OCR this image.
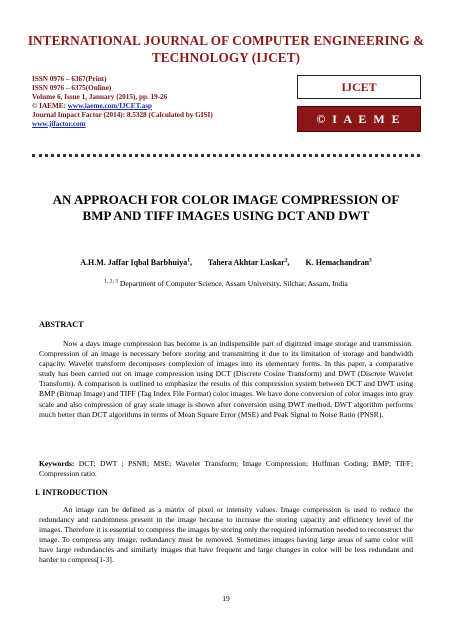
INTERNATIONAL JOURNAL OF COMPUTER ENGINEERING &
TECHNOLOGY (IJCET)
ISSN 0976 – 6367(Print)
ISSN 0976 – 6375(Online)
Volume 6, Issue 1, January (2015), pp. 19-26
© IAEME: www.iaeme.com/IJCET.asp
Journal Impact Factor (2014): 8.5328 (Calculated by GISI)
www.jifactor.com
IJCET
© I A E M E
AN APPROACH FOR COLOR IMAGE COMPRESSION OF
BMP AND TIFF IMAGES USING DCT AND DWT
A.H.M. Jaffar Iqbal Barbhuiya$^1$, Tahera Akhtar Laskar$^2$, K. Hemachandran$^3$
$^{1, 2, 3}$ Department of Computer Science, Assam University, Silchar, Assam, India
ABSTRACT
Now a days image compression has become is an indispensible part of digitized image storage and transmission. Compression of an image is necessary before storing and transmitting it due to its limitation of storage and bandwidth capacity. Wavelet transform decomposes complexion of images into its elementary forms. In this paper, a comparative study has been carried out on image compression using DCT (Discrete Cosine Transform) and DWT (Discrete Wavelet Transform). A comparison is outlined to emphasize the results of this compression system between DCT and DWT using BMP (Bitmap Image) and TIFF (Tag Index File Format) color images. We have done conversion of color images into gray scale and also compression of gray scale image is shown after conversion using DWT method. DWT algorithm performs much better than DCT algorithms in terms of Mean Square Error (MSE) and Peak Signal to Noise Ratio (PNSR).
Keywords: DCT; DWT ; PSNR; MSE; Wavelet Transform; Image Compression; Huffman Coding; BMP; TIFF; Compression ratio.
I. INTRODUCTION
An image can be defined as a matrix of pixel or intensity values. Image compression is used to reduce the redundancy and randomness present in the image because to increase the storing capacity and efficiency level of the images. Therefore it is essential to compress the images by storing only the required information needed to reconstruct the image. To compress any image, redundancy must be removed. Sometimes images having large areas of same color will have large redundancies and similarly images that have frequent and large changes in color will be less redundant and harder to compress[1-3].
19
